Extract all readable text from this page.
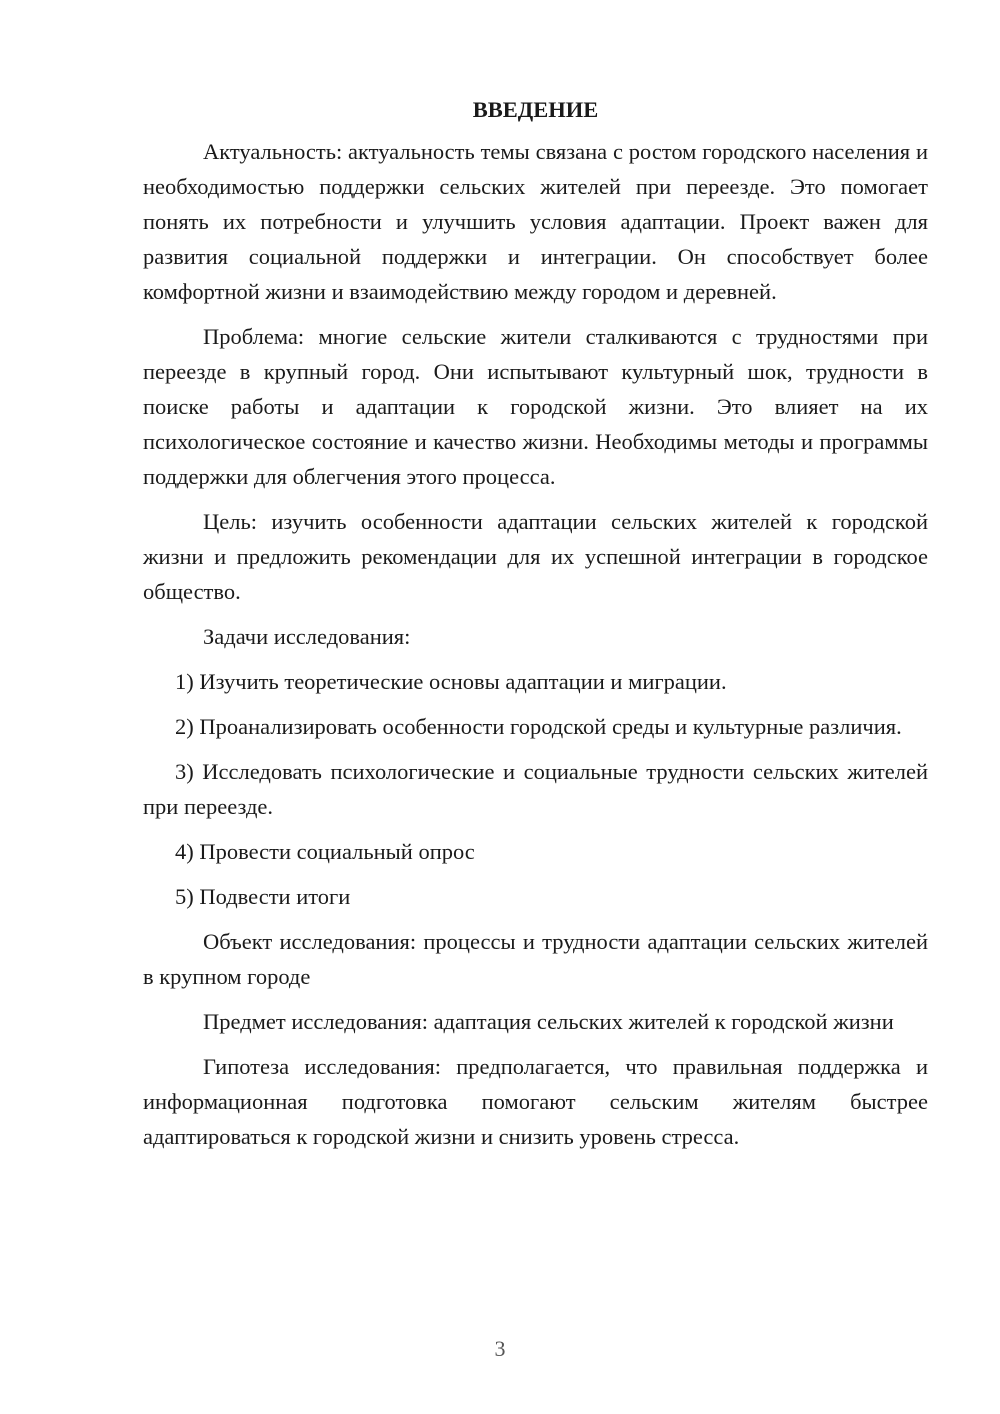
ВВЕДЕНИЕ

Актуальность: актуальность темы связана с ростом городского населения и необходимостью поддержки сельских жителей при переезде. Это помогает понять их потребности и улучшить условия адаптации. Проект важен для развития социальной поддержки и интеграции. Он способствует более комфортной жизни и взаимодействию между городом и деревней.

Проблема: многие сельские жители сталкиваются с трудностями при переезде в крупный город. Они испытывают культурный шок, трудности в поиске работы и адаптации к городской жизни. Это влияет на их психологическое состояние и качество жизни. Необходимы методы и программы поддержки для облегчения этого процесса.

Цель: изучить особенности адаптации сельских жителей к городской жизни и предложить рекомендации для их успешной интеграции в городское общество.

Задачи исследования:

1) Изучить теоретические основы адаптации и миграции.

2) Проанализировать особенности городской среды и культурные различия.

3) Исследовать психологические и социальные трудности сельских жителей при переезде.

4) Провести социальный опрос

5) Подвести итоги

Объект исследования: процессы и трудности адаптации сельских жителей в крупном городе

Предмет исследования: адаптация сельских жителей к городской жизни

Гипотеза исследования: предполагается, что правильная поддержка и информационная подготовка помогают сельским жителям быстрее адаптироваться к городской жизни и снизить уровень стресса.

3
